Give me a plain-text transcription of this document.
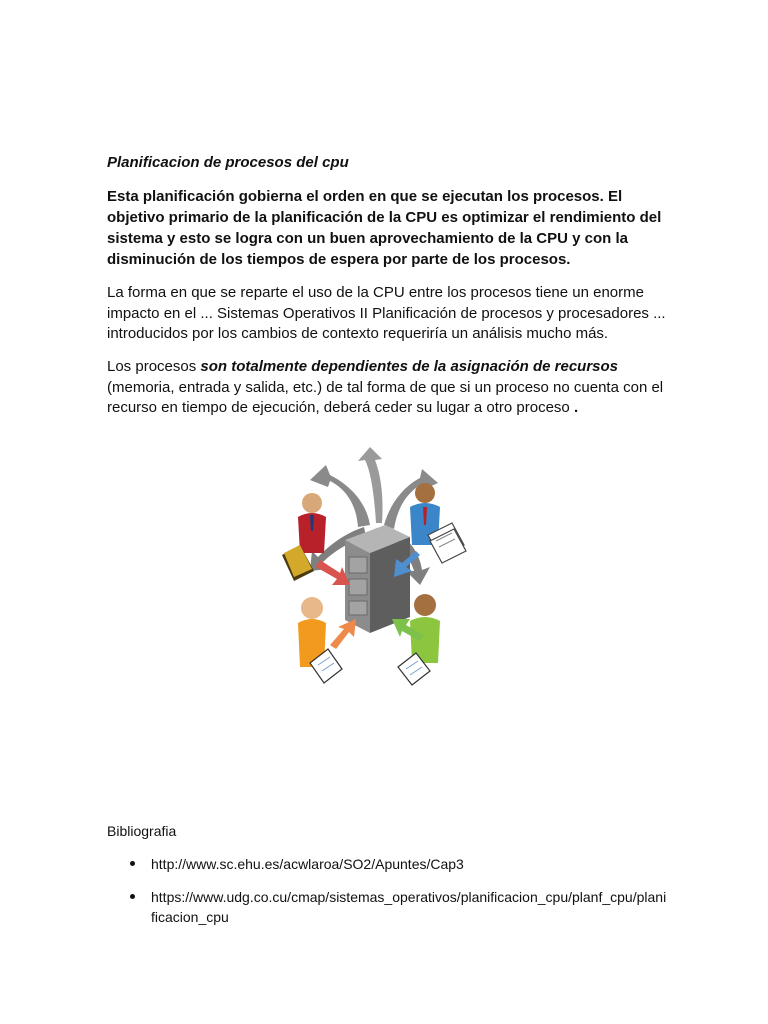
Planificacion de procesos del cpu
Esta planificación gobierna el orden en que se ejecutan los procesos. El objetivo primario de la planificación de la CPU es optimizar el rendimiento del sistema y esto se logra con un buen aprovechamiento de la CPU y con la disminución de los tiempos de espera por parte de los procesos.
La forma en que se reparte el uso de la CPU entre los procesos tiene un enorme impacto en el ... Sistemas Operativos II Planificación de procesos y procesadores ... introducidos por los cambios de contexto requeriría un análisis mucho más.
Los procesos son totalmente dependientes de la asignación de recursos (memoria, entrada y salida, etc.) de tal forma de que si un proceso no cuenta con el recurso en tiempo de ejecución, deberá ceder su lugar a otro proceso .
Bibliografia
http://www.sc.ehu.es/acwlaroa/SO2/Apuntes/Cap3
https://www.udg.co.cu/cmap/sistemas_operativos/planificacion_cpu/planf_cpu/planificacion_cpu
